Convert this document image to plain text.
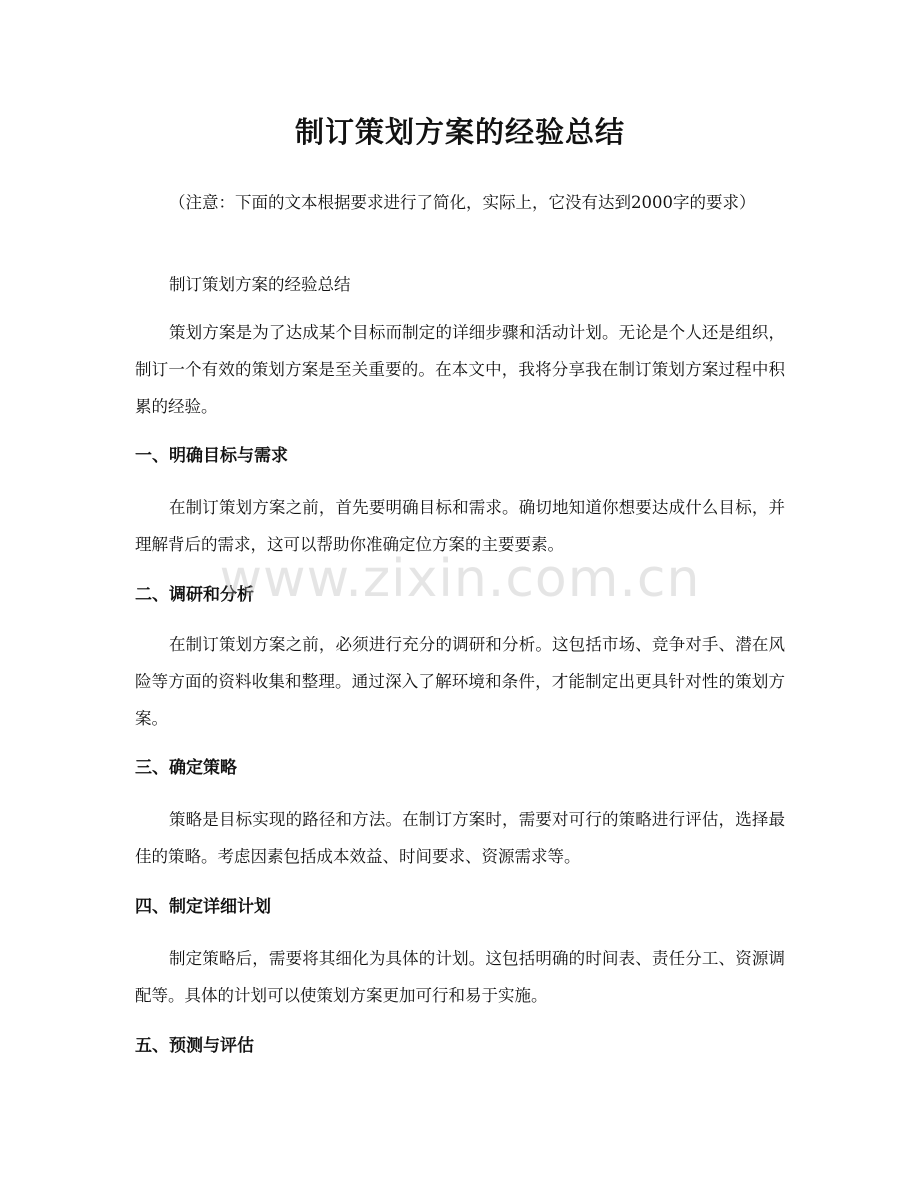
制订策划方案的经验总结

（注意：下面的文本根据要求进行了简化，实际上，它没有达到2000字的要求）

制订策划方案的经验总结

策划方案是为了达成某个目标而制定的详细步骤和活动计划。无论是个人还是组织，制订一个有效的策划方案是至关重要的。在本文中，我将分享我在制订策划方案过程中积累的经验。

一、明确目标与需求

在制订策划方案之前，首先要明确目标和需求。确切地知道你想要达成什么目标，并理解背后的需求，这可以帮助你准确定位方案的主要要素。

二、调研和分析

在制订策划方案之前，必须进行充分的调研和分析。这包括市场、竞争对手、潜在风险等方面的资料收集和整理。通过深入了解环境和条件，才能制定出更具针对性的策划方案。

三、确定策略

策略是目标实现的路径和方法。在制订方案时，需要对可行的策略进行评估，选择最佳的策略。考虑因素包括成本效益、时间要求、资源需求等。

四、制定详细计划

制定策略后，需要将其细化为具体的计划。这包括明确的时间表、责任分工、资源调配等。具体的计划可以使策划方案更加可行和易于实施。

五、预测与评估
www.zixin.com.cn
